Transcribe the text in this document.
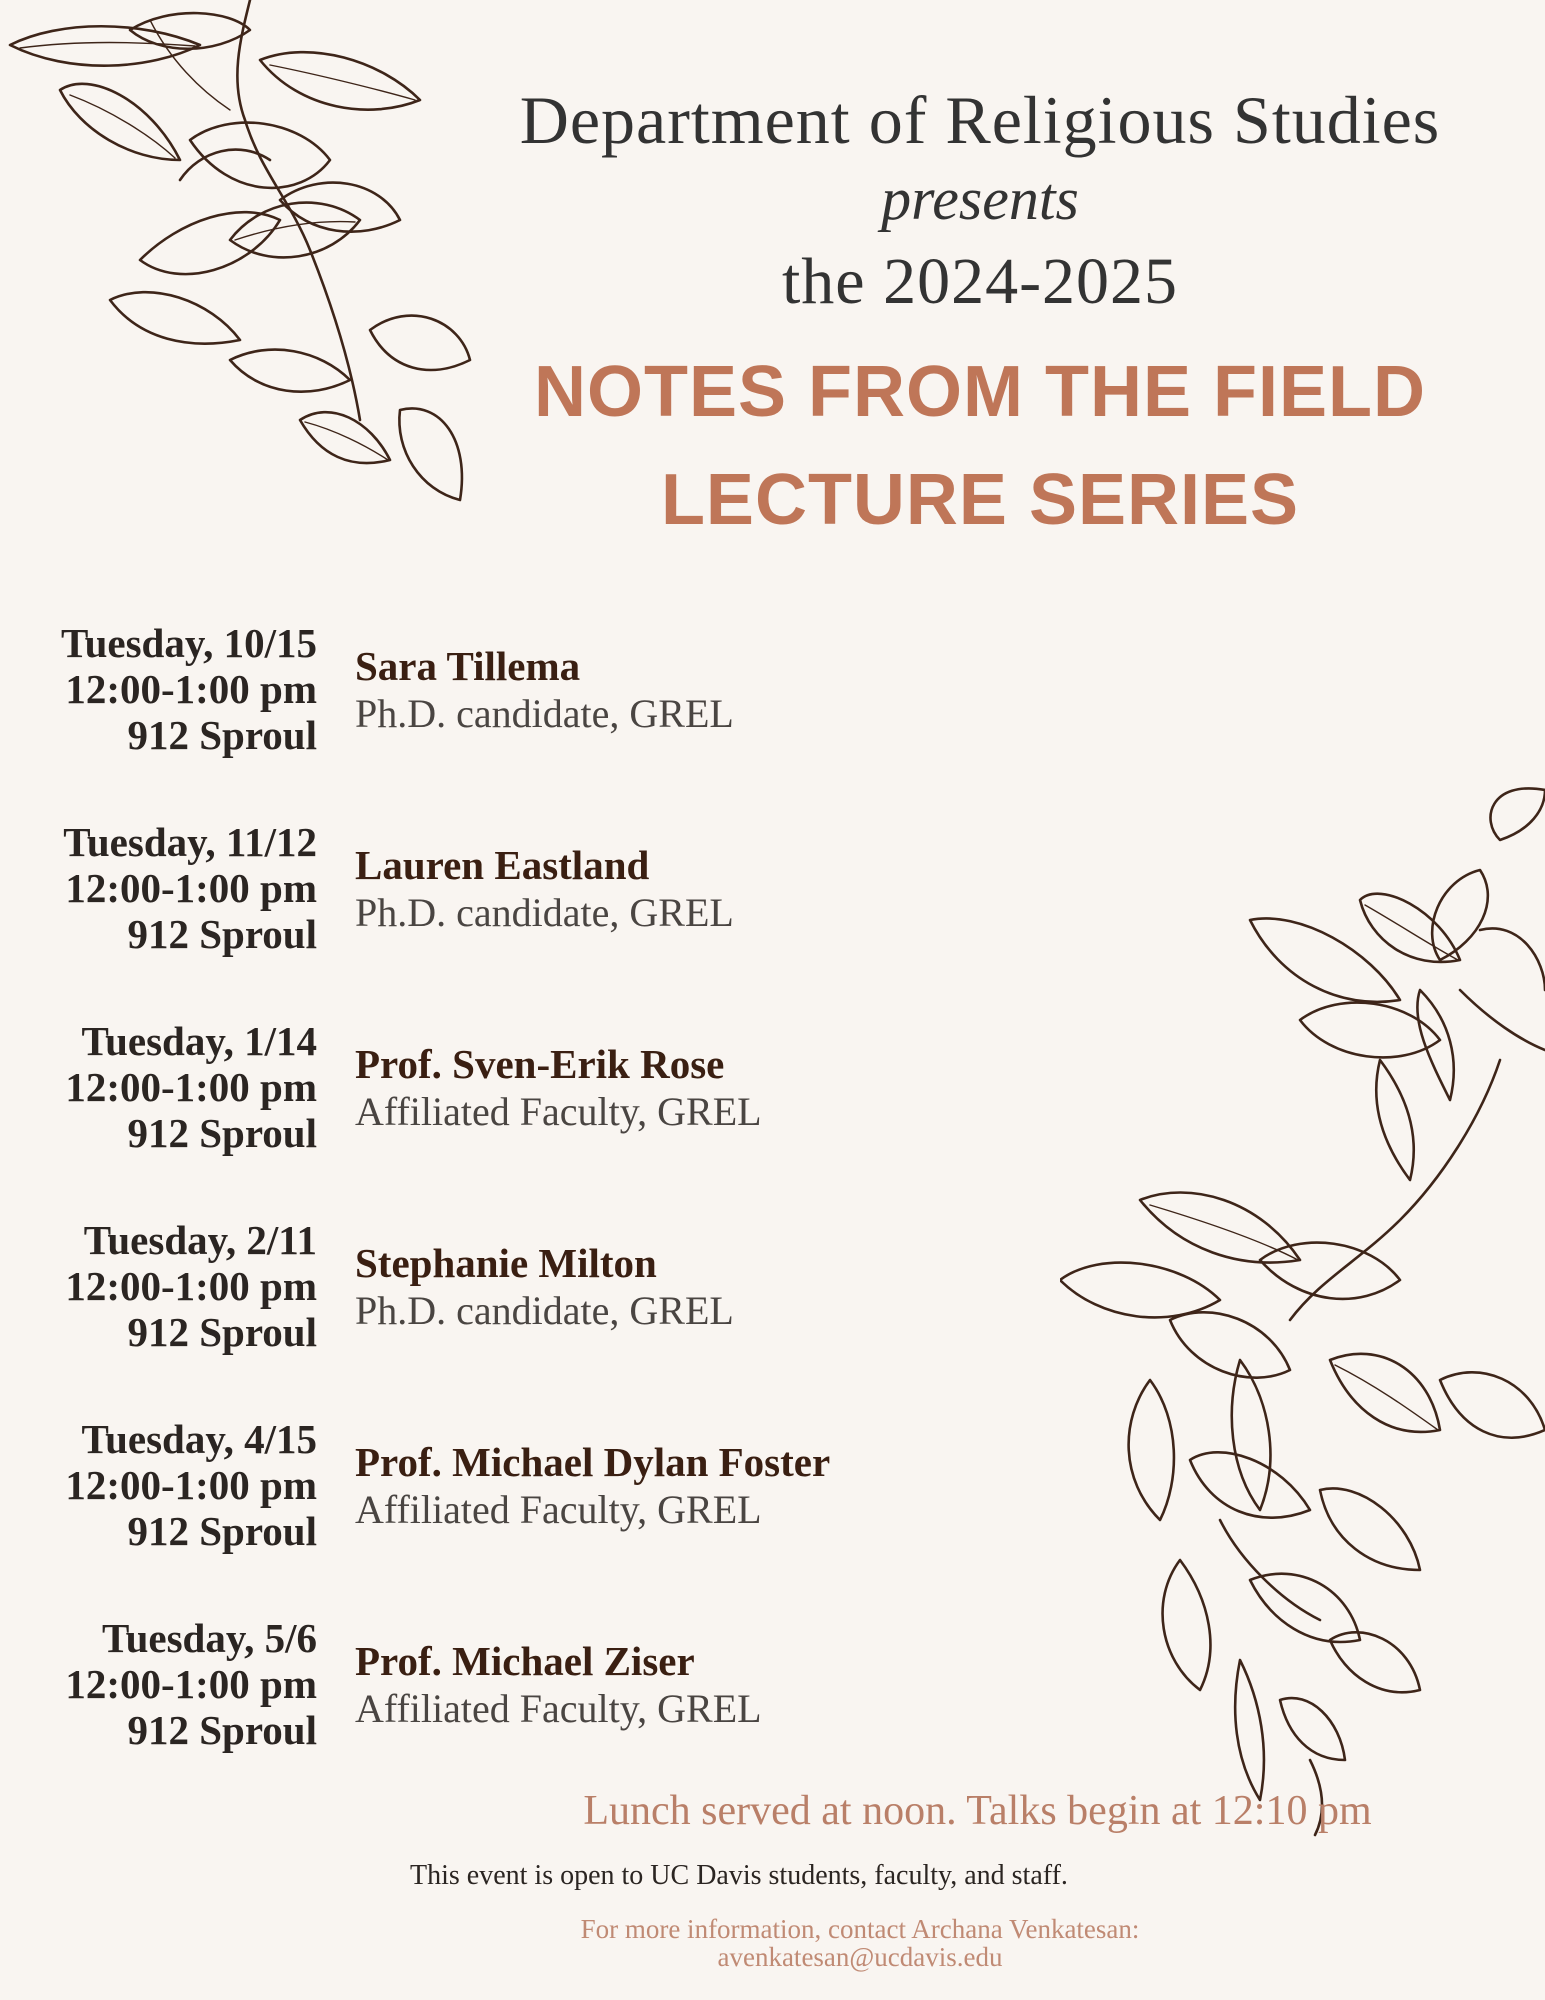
Department of Religious Studies
presents
the 2024-2025
NOTES FROM THE FIELD
LECTURE SERIES
Tuesday, 10/15
12:00-1:00 pm
912 Sproul
Sara Tillema
Ph.D. candidate, GREL
Tuesday, 11/12
12:00-1:00 pm
912 Sproul
Lauren Eastland
Ph.D. candidate, GREL
Tuesday, 1/14
12:00-1:00 pm
912 Sproul
Prof. Sven-Erik Rose
Affiliated Faculty, GREL
Tuesday, 2/11
12:00-1:00 pm
912 Sproul
Stephanie Milton
Ph.D. candidate, GREL
Tuesday, 4/15
12:00-1:00 pm
912 Sproul
Prof. Michael Dylan Foster
Affiliated Faculty, GREL
Tuesday, 5/6
12:00-1:00 pm
912 Sproul
Prof. Michael Ziser
Affiliated Faculty, GREL
Lunch served at noon. Talks begin at 12:10 pm
This event is open to UC Davis students, faculty, and staff.
For more information, contact Archana Venkatesan:
avenkatesan@ucdavis.edu
